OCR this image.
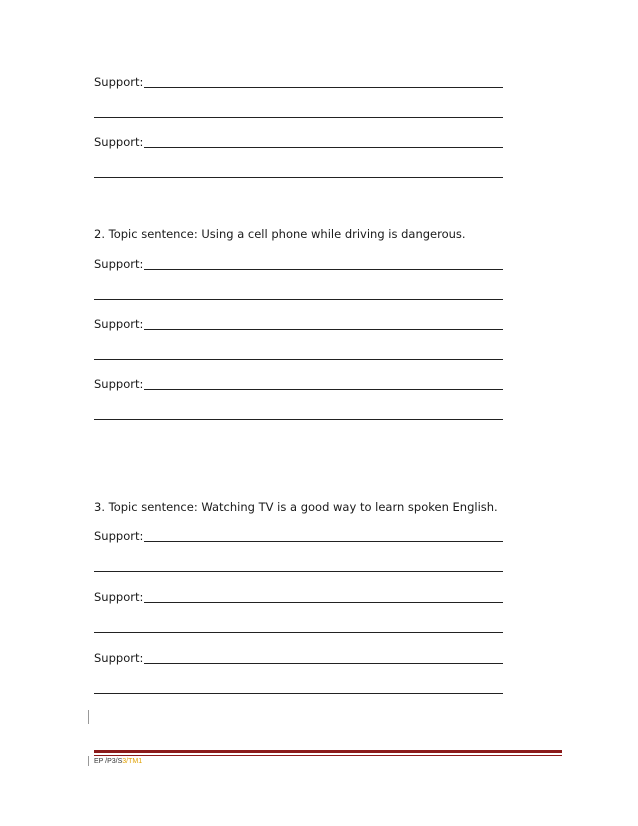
Support:
Support:
2. Topic sentence: Using a cell phone while driving is dangerous.
Support:
Support:
Support:
3. Topic sentence: Watching TV is a good way to learn spoken English.
Support:
Support:
Support:
EP /P3/S3/TM1
